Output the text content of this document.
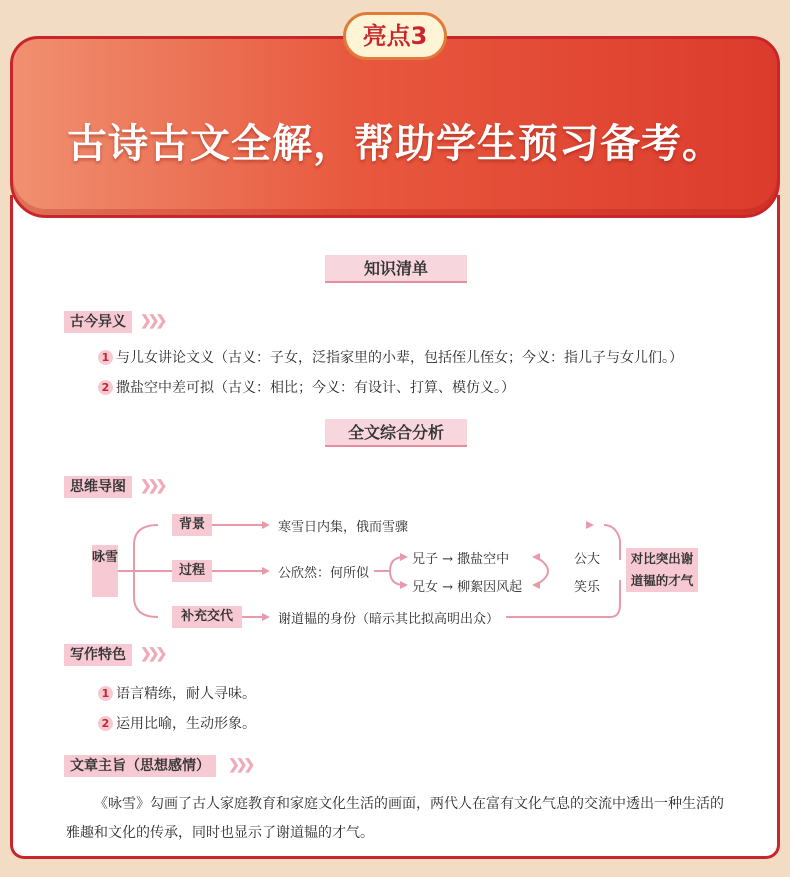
古诗古文全解，帮助学生预习备考。
亮点3
知识清单
古今异义	❯❯❯
1 与儿女讲论文义（古义：子女，泛指家里的小辈，包括侄儿侄女；今义：指儿子与女儿们。）
2 撒盐空中差可拟（古义：相比；今义：有设计、打算、模仿义。）
全文综合分析
思维导图	❯❯❯
咏雪
背景
过程
补充交代
寒雪日内集，俄而雪骤
公欣然：何所似
兄子 → 撒盐空中
兄女 → 柳絮因风起
公大
笑乐
对比突出谢道韫的才气
谢道韫的身份（暗示其比拟高明出众）
写作特色	❯❯❯
1 语言精练，耐人寻味。
2 运用比喻，生动形象。
文章主旨（思想感情）	❯❯❯
《咏雪》勾画了古人家庭教育和家庭文化生活的画面，两代人在富有文化气息的交流中透出一种生活的雅趣和文化的传承，同时也显示了谢道韫的才气。
